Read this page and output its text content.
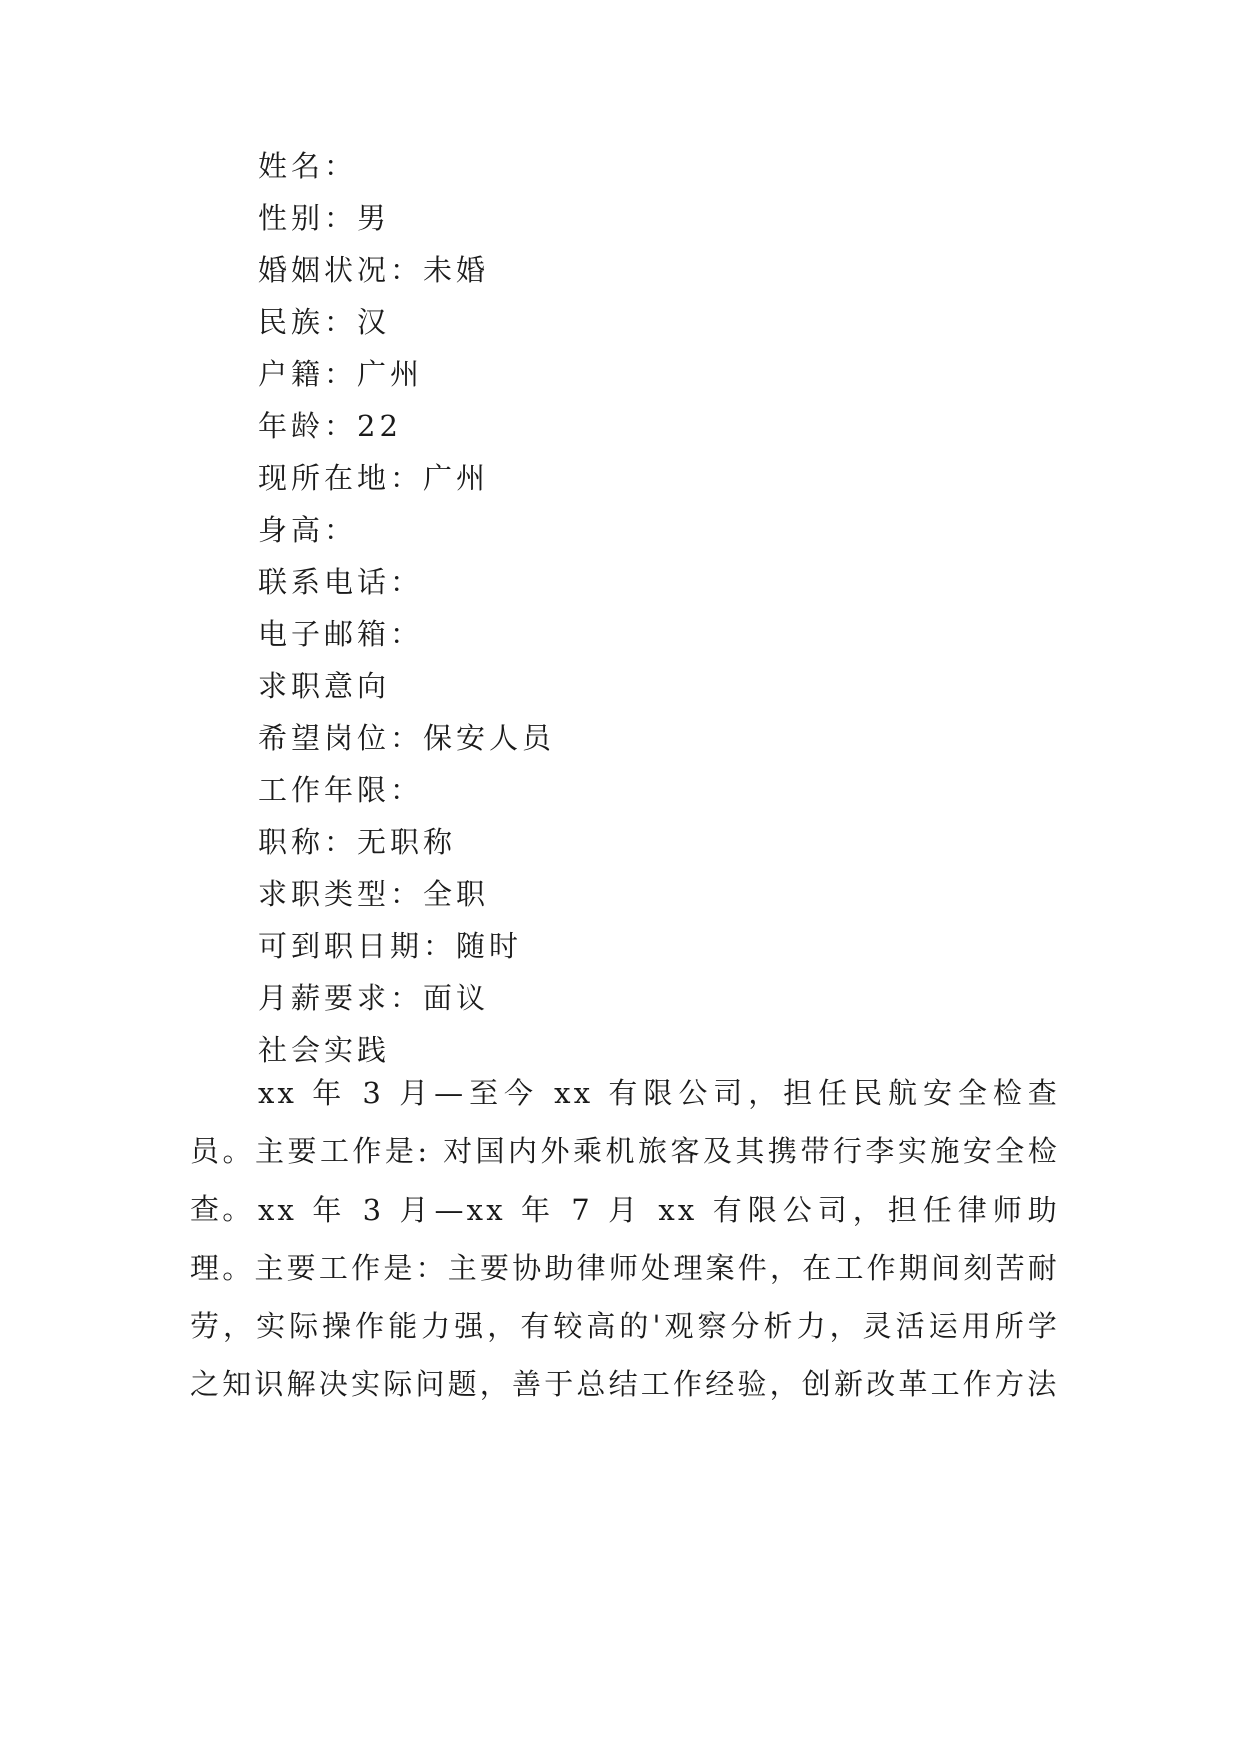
姓名：
性别：男
婚姻状况：未婚
民族：汉
户籍：广州
年龄：22
现所在地：广州
身高：
联系电话：
电子邮箱：
求职意向
希望岗位：保安人员
工作年限：
职称：无职称
求职类型：全职
可到职日期：随时
月薪要求：面议
社会实践

xx 年 3 月—至今 xx 有限公司，担任民航安全检查员。主要工作是: 对国内外乘机旅客及其携带行李实施安全检查。 xx 年 3 月—xx 年 7 月 xx 有限公司，担任律师助理。主要工作是：主要协助律师处理案件，在工作期间刻苦耐劳，实际操作能力强，有较高的'观察分析力，灵活运用所学之知识解决实际问题，善于总结工作经验，创新改革工作方法
